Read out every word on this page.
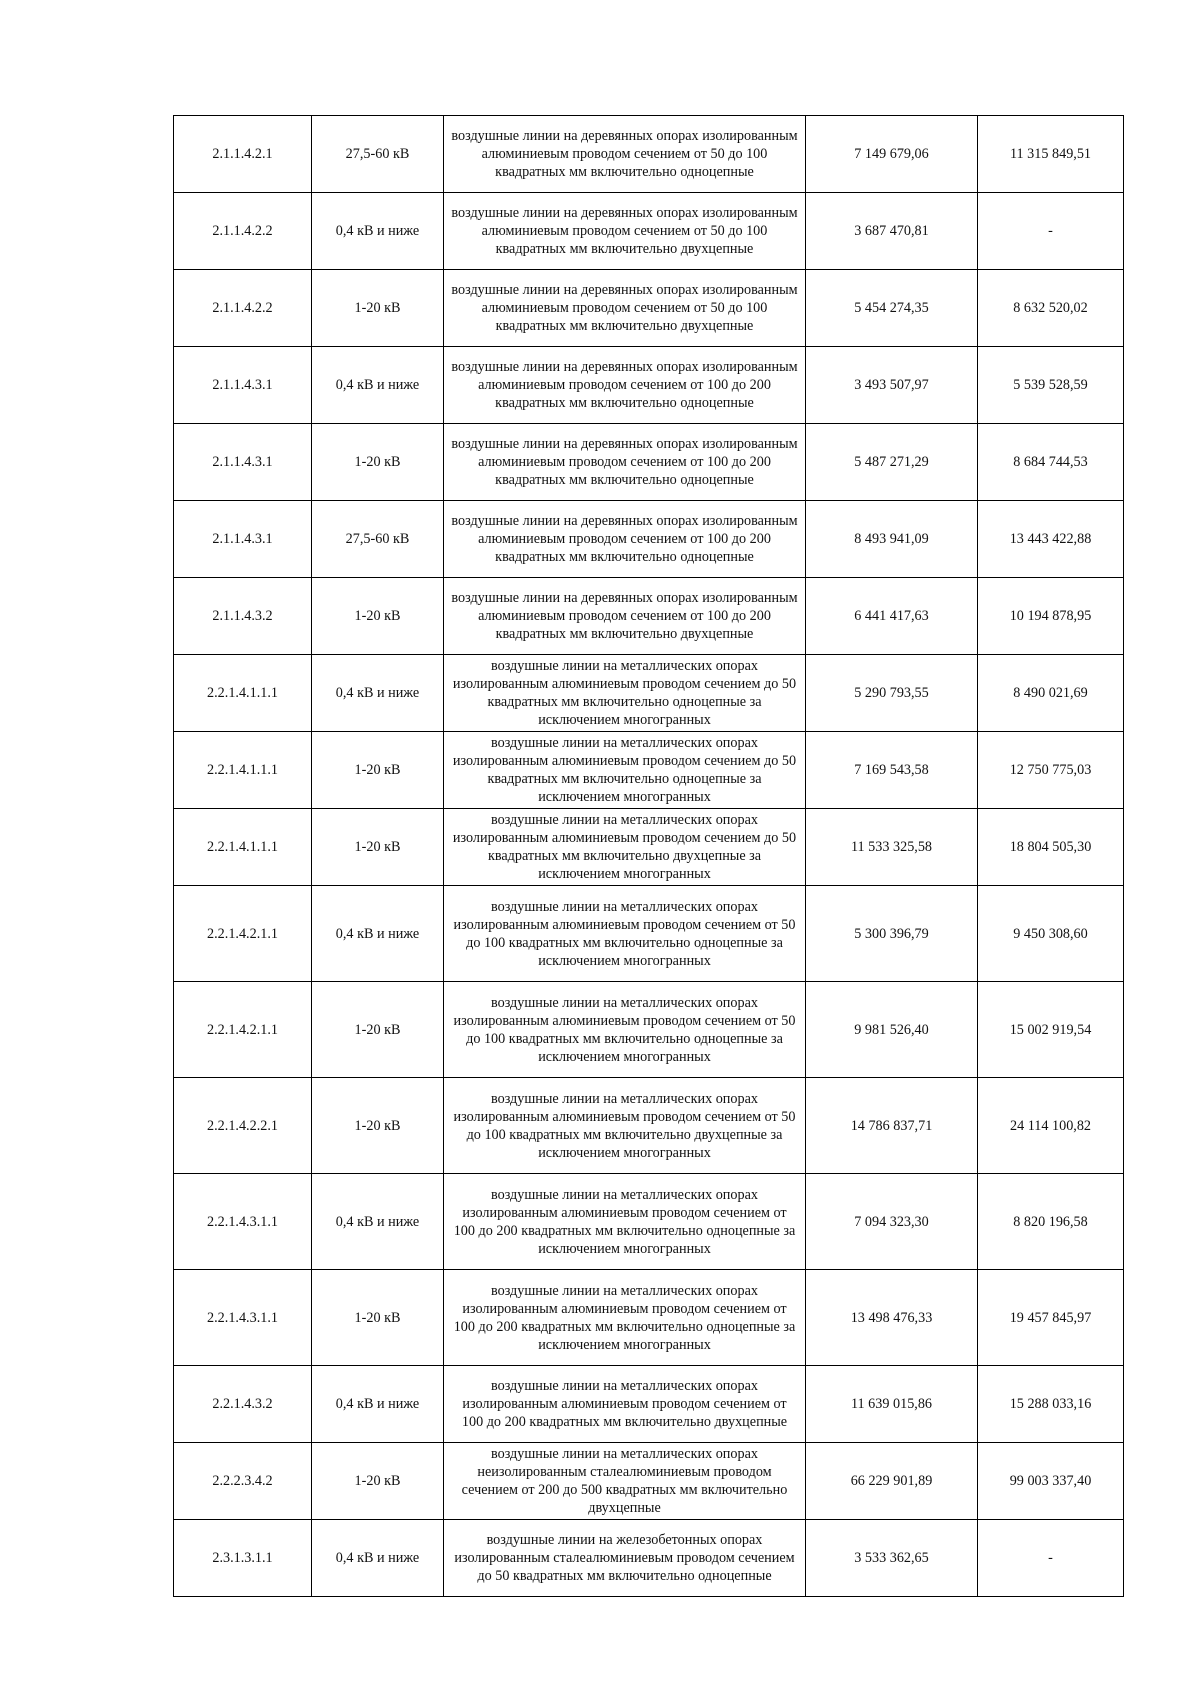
2.1.1.4.2.1	27,5-60 кВ	воздушные линии на деревянных опорах изолированным алюминиевым проводом сечением от 50 до 100 квадратных мм включительно одноцепные	7 149 679,06	11 315 849,51
2.1.1.4.2.2	0,4 кВ и ниже	воздушные линии на деревянных опорах изолированным алюминиевым проводом сечением от 50 до 100 квадратных мм включительно двухцепные	3 687 470,81	-
2.1.1.4.2.2	1-20 кВ	воздушные линии на деревянных опорах изолированным алюминиевым проводом сечением от 50 до 100 квадратных мм включительно двухцепные	5 454 274,35	8 632 520,02
2.1.1.4.3.1	0,4 кВ и ниже	воздушные линии на деревянных опорах изолированным алюминиевым проводом сечением от 100 до 200 квадратных мм включительно одноцепные	3 493 507,97	5 539 528,59
2.1.1.4.3.1	1-20 кВ	воздушные линии на деревянных опорах изолированным алюминиевым проводом сечением от 100 до 200 квадратных мм включительно одноцепные	5 487 271,29	8 684 744,53
2.1.1.4.3.1	27,5-60 кВ	воздушные линии на деревянных опорах изолированным алюминиевым проводом сечением от 100 до 200 квадратных мм включительно одноцепные	8 493 941,09	13 443 422,88
2.1.1.4.3.2	1-20 кВ	воздушные линии на деревянных опорах изолированным алюминиевым проводом сечением от 100 до 200 квадратных мм включительно двухцепные	6 441 417,63	10 194 878,95
2.2.1.4.1.1.1	0,4 кВ и ниже	воздушные линии на металлических опорах изолированным алюминиевым проводом сечением до 50 квадратных мм включительно одноцепные за исключением многогранных	5 290 793,55	8 490 021,69
2.2.1.4.1.1.1	1-20 кВ	воздушные линии на металлических опорах изолированным алюминиевым проводом сечением до 50 квадратных мм включительно одноцепные за исключением многогранных	7 169 543,58	12 750 775,03
2.2.1.4.1.1.1	1-20 кВ	воздушные линии на металлических опорах изолированным алюминиевым проводом сечением до 50 квадратных мм включительно двухцепные за исключением многогранных	11 533 325,58	18 804 505,30
2.2.1.4.2.1.1	0,4 кВ и ниже	воздушные линии на металлических опорах изолированным алюминиевым проводом сечением от 50 до 100 квадратных мм включительно одноцепные за исключением многогранных	5 300 396,79	9 450 308,60
2.2.1.4.2.1.1	1-20 кВ	воздушные линии на металлических опорах изолированным алюминиевым проводом сечением от 50 до 100 квадратных мм включительно одноцепные за исключением многогранных	9 981 526,40	15 002 919,54
2.2.1.4.2.2.1	1-20 кВ	воздушные линии на металлических опорах изолированным алюминиевым проводом сечением от 50 до 100 квадратных мм включительно двухцепные за исключением многогранных	14 786 837,71	24 114 100,82
2.2.1.4.3.1.1	0,4 кВ и ниже	воздушные линии на металлических опорах изолированным алюминиевым проводом сечением от 100 до 200 квадратных мм включительно одноцепные за исключением многогранных	7 094 323,30	8 820 196,58
2.2.1.4.3.1.1	1-20 кВ	воздушные линии на металлических опорах изолированным алюминиевым проводом сечением от 100 до 200 квадратных мм включительно одноцепные за исключением многогранных	13 498 476,33	19 457 845,97
2.2.1.4.3.2	0,4 кВ и ниже	воздушные линии на металлических опорах изолированным алюминиевым проводом сечением от 100 до 200 квадратных мм включительно двухцепные	11 639 015,86	15 288 033,16
2.2.2.3.4.2	1-20 кВ	воздушные линии на металлических опорах неизолированным сталеалюминиевым проводом сечением от 200 до 500 квадратных мм включительно двухцепные	66 229 901,89	99 003 337,40
2.3.1.3.1.1	0,4 кВ и ниже	воздушные линии на железобетонных опорах изолированным сталеалюминиевым проводом сечением до 50 квадратных мм включительно одноцепные	3 533 362,65	-
